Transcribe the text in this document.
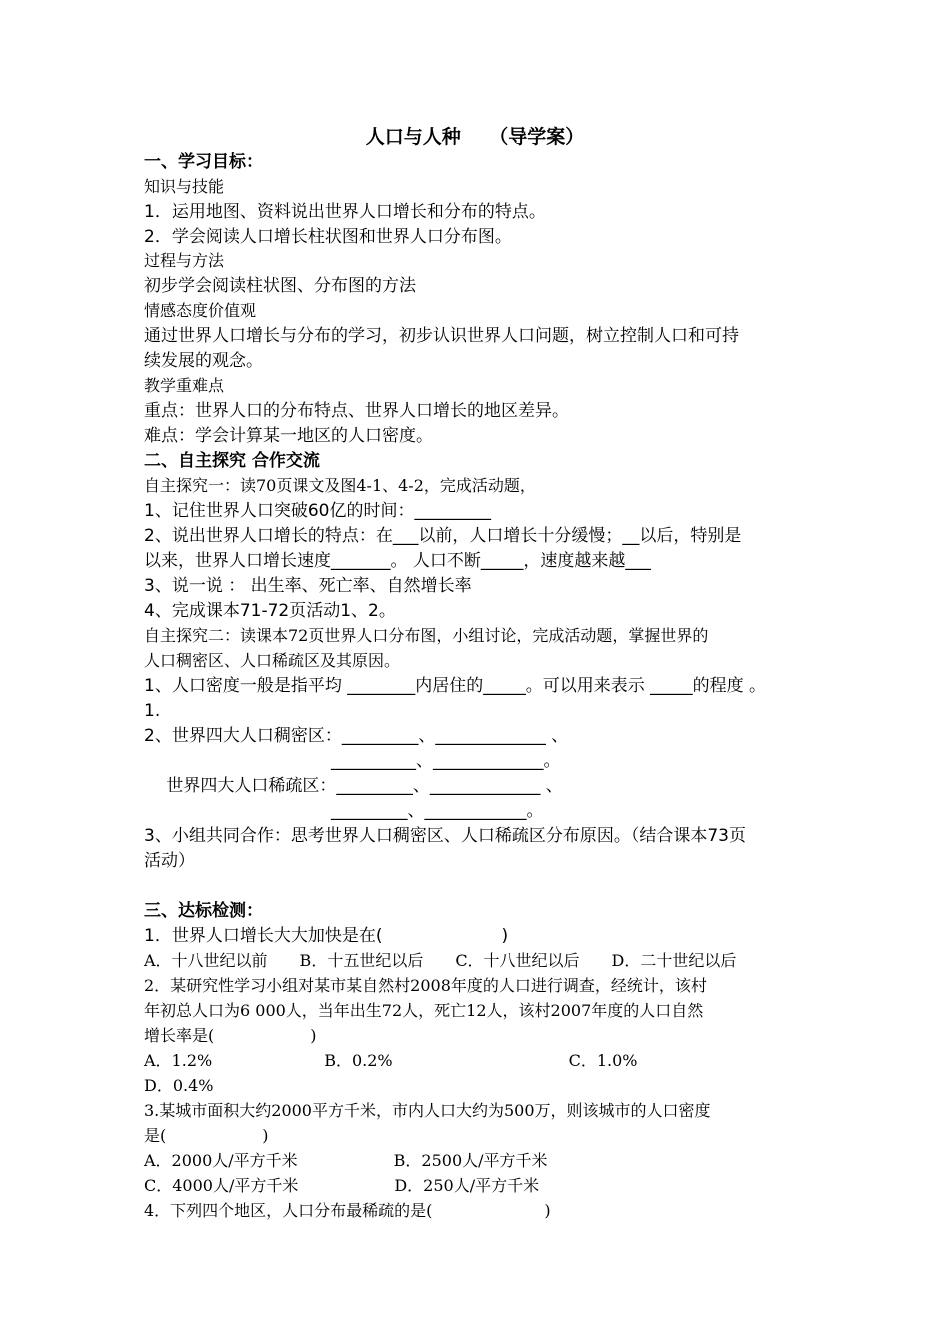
人口与人种　　（导学案）
一、学习目标：
知识与技能
1．运用地图、资料说出世界人口增长和分布的特点。
2．学会阅读人口增长柱状图和世界人口分布图。
过程与方法
初步学会阅读柱状图、分布图的方法
情感态度价值观
通过世界人口增长与分布的学习，初步认识世界人口问题，树立控制人口和可持
续发展的观念。
教学重难点
重点：世界人口的分布特点、世界人口增长的地区差异。
难点：学会计算某一地区的人口密度。
二、自主探究 合作交流
自主探究一：读70页课文及图4-1、4-2，完成活动题，
1、记住世界人口突破60亿的时间：_________
2、说出世界人口增长的特点：在___以前，人口增长十分缓慢；__以后，特别是
以来，世界人口增长速度_______。 人口不断_____，速度越来越___
3、说一说 ： 出生率、死亡率、自然增长率
4、完成课本71-72页活动1、2。
自主探究二：读课本72页世界人口分布图，小组讨论，完成活动题，掌握世界的
人口稠密区、人口稀疏区及其原因。
1、人口密度一般是指平均 ________内居住的_____。可以用来表示 _____的程度 。
1.
2、世界四大人口稠密区：_________、_____________ 、
　　　　　　　　　　　__________、_____________。
　 世界四大人口稀疏区：_________、_____________ 、
　　　　　　　　　　　_________、____________。
3、小组共同合作：思考世界人口稠密区、人口稀疏区分布原因。（结合课本73页
活动）
三、达标检测：
1．世界人口增长大大加快是在(　　　　　　　)
A．十八世纪以前　　B．十五世纪以后　　C．十八世纪以后　　D．二十世纪以后
2．某研究性学习小组对某市某自然村2008年度的人口进行调查，经统计，该村
年初总人口为6 000人，当年出生72人，死亡12人，该村2007年度的人口自然
增长率是(　　　　　　)
A．1.2%　　　　　　　B．0.2%　　　　　　　　　　　C．1.0%
D．0.4%
3.某城市面积大约2000平方千米，市内人口大约为500万，则该城市的人口密度
是(　　　　　　)
A．2000人/平方千米　　　　　　B．2500人/平方千米
C．4000人/平方千米　　　　　　D．250人/平方千米
4．下列四个地区，人口分布最稀疏的是(　　　　　　　)
